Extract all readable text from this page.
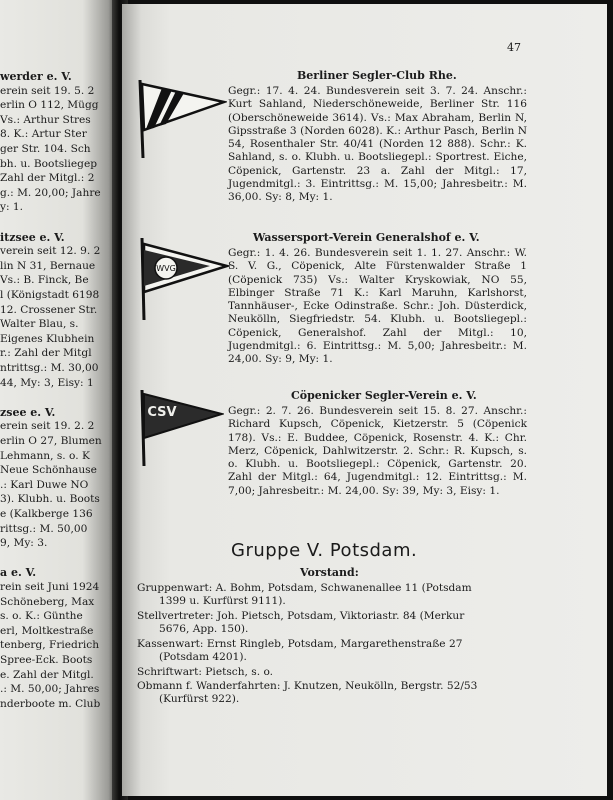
werder e. V.
erein seit 19. 5. 2
erlin O 112, Mügg
Vs.: Arthur Stres
8. K.: Artur Ster
ger Str. 104. Sch
bh. u. Bootsliegep
Zahl der Mitgl.: 2
g.: M. 20,00; Jahre
y: 1.
itzsee e. V.
verein seit 12. 9. 2
lin N 31, Bernaue
Vs.: B. Finck, Be
l (Königstadt 6198
12. Crossener Str.
Walter Blau, s.
Eigenes Klubhein
r.: Zahl der Mitgl
ntrittsg.: M. 30,00
44, My: 3, Eisy: 1
zsee e. V.
erein seit 19. 2. 2
erlin O 27, Blumen
Lehmann, s. o. K
Neue Schönhause
.: Karl Duwe NO
3). Klubh. u. Boots
e (Kalkberge 136
rittsg.: M. 50,00
9, My: 3.
a e. V.
rein seit Juni 1924
Schöneberg, Max
s. o. K.: Günthe
erl, Moltkestraße
tenberg, Friedrich
Spree-Eck. Boots
e. Zahl der Mitgl.
.: M. 50,00; Jahres
nderboote m. Club
47
WVG
CSV
Berliner Segler-Club Rhe.
Gegr.: 17. 4. 24. Bundesverein seit 3. 7. 24. Anschr.: Kurt Sahland, Niederschöneweide, Berliner Str. 116 (Oberschöneweide 3614). Vs.: Max Abraham, Berlin N, Gipsstraße 3 (Norden 6028). K.: Arthur Pasch, Berlin N 54, Rosenthaler Str. 40/41 (Norden 12 888). Schr.: K. Sahland, s. o. Klubh. u. Bootsliegepl.: Sportrest. Eiche, Cöpenick, Gartenstr. 23 a. Zahl der Mitgl.: 17, Jugendmitgl.: 3. Eintrittsg.: M. 15,00; Jahresbeitr.: M. 36,00. Sy: 8, My: 1.
Wassersport-Verein Generalshof e. V.
Gegr.: 1. 4. 26. Bundesverein seit 1. 1. 27. Anschr.: W. S. V. G., Cöpenick, Alte Fürstenwalder Straße 1 (Cöpenick 735) Vs.: Walter Kryskowiak, NO 55, Elbinger Straße 71 K.: Karl Maruhn, Karlshorst, Tannhäuser-, Ecke Odinstraße. Schr.: Joh. Düsterdick, Neukölln, Siegfriedstr. 54. Klubh. u. Bootsliegepl.: Cöpenick, Generalshof. Zahl der Mitgl.: 10, Jugendmitgl.: 6. Eintrittsg.: M. 5,00; Jahresbeitr.: M. 24,00. Sy: 9, My: 1.
Cöpenicker Segler-Verein e. V.
Gegr.: 2. 7. 26. Bundesverein seit 15. 8. 27. Anschr.: Richard Kupsch, Cöpenick, Kietzerstr. 5 (Cöpenick 178). Vs.: E. Buddee, Cöpenick, Rosenstr. 4. K.: Chr. Merz, Cöpenick, Dahlwitzerstr. 2. Schr.: R. Kupsch, s. o. Klubh. u. Bootsliegepl.: Cöpenick, Gartenstr. 20. Zahl der Mitgl.: 64, Jugendmitgl.: 12. Eintrittsg.: M. 7,00; Jahresbeitr.: M. 24,00. Sy: 39, My: 3, Eisy: 1.
Gruppe V. Potsdam.
Vorstand:
Gruppenwart: A. Bohm, Potsdam, Schwanenallee 11 (Potsdam
1399 u. Kurfürst 9111).
Stellvertreter: Joh. Pietsch, Potsdam, Viktoriastr. 84 (Merkur
5676, App. 150).
Kassenwart: Ernst Ringleb, Potsdam, Margarethenstraße 27
(Potsdam 4201).
Schriftwart: Pietsch, s. o.
Obmann f. Wanderfahrten: J. Knutzen, Neukölln, Bergstr. 52/53
(Kurfürst 922).
